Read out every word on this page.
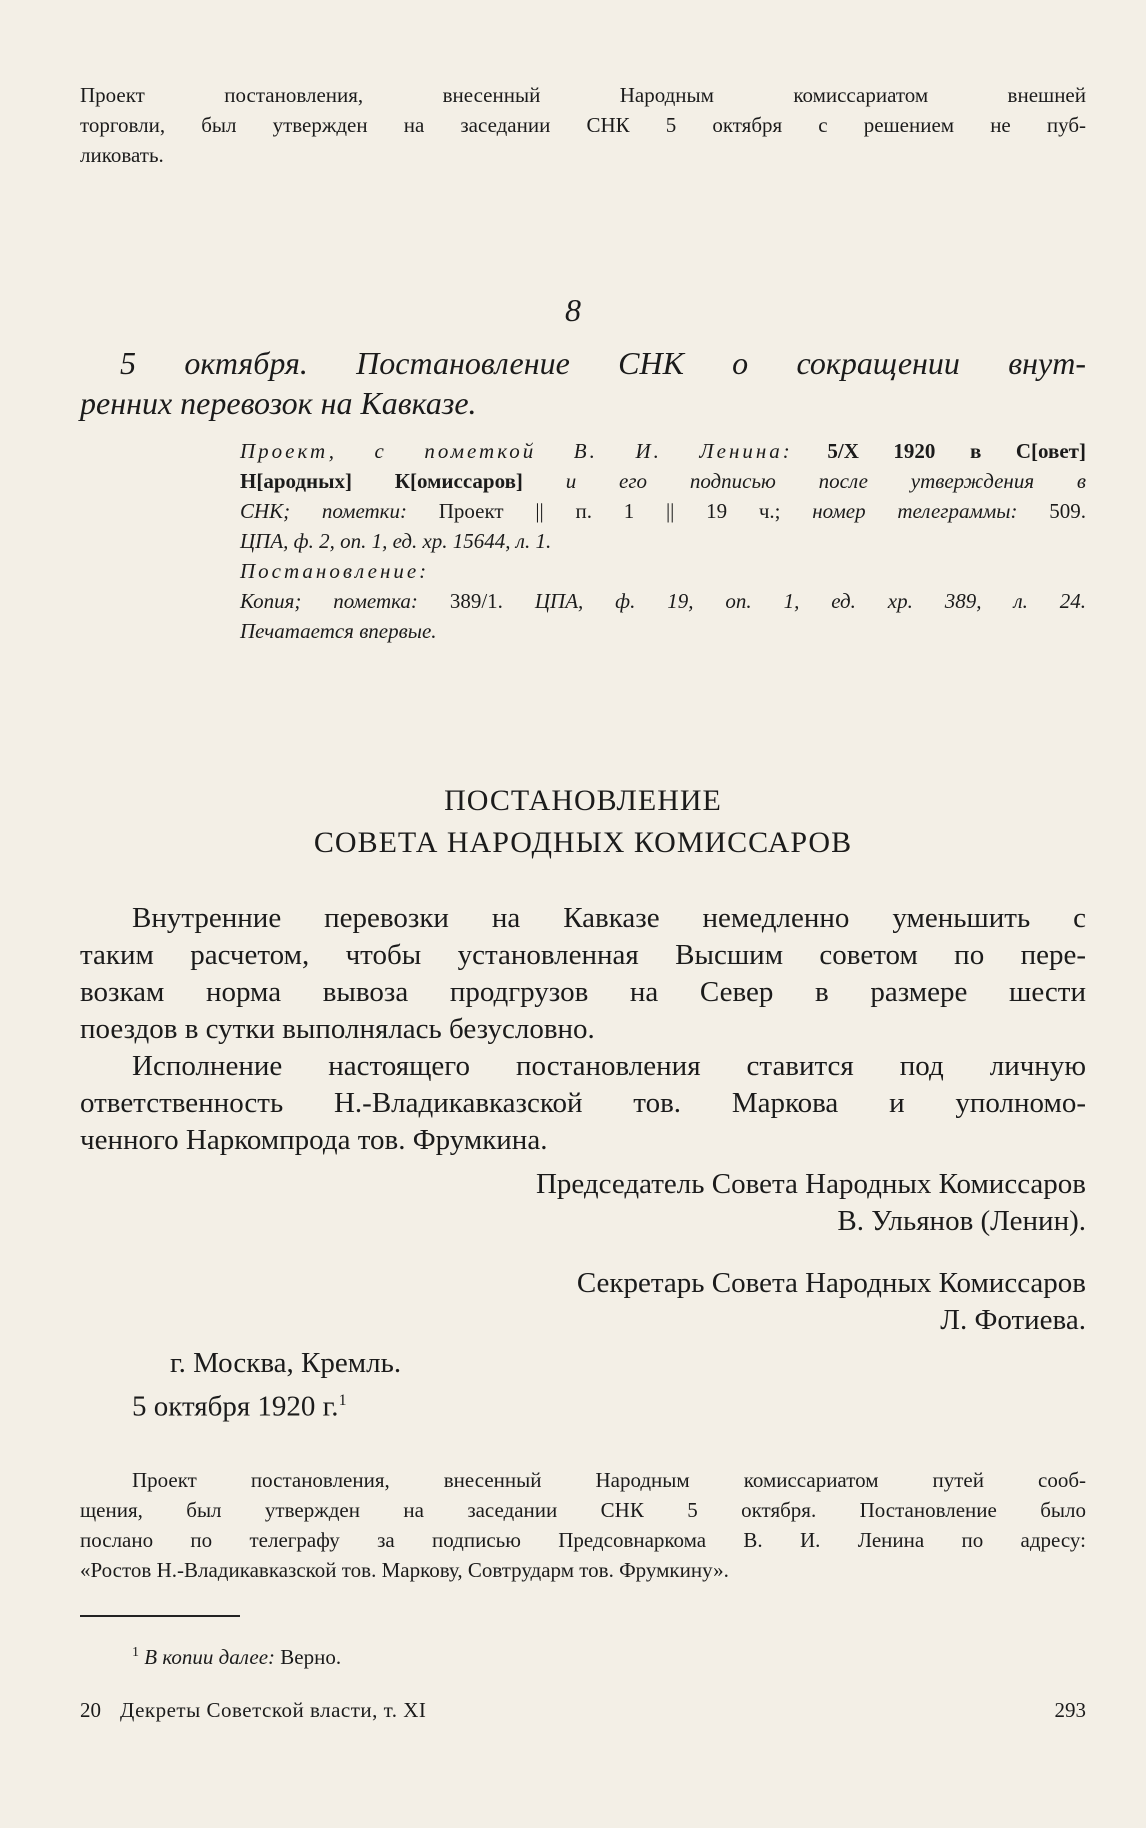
Проект постановления, внесенный Народным комиссариатом внешней

торговли, был утвержден на заседании СНК 5 октября с решением не пуб-

ликовать.

8

5 октября. Постановление СНК о сокращении внут-

ренних перевозок на Кавказе.

Проект, с пометкой В. И. Ленина: 5/X 1920 в С[овет]

Н[ародных] К[омиссаров] и его подписью после утверждения в

СНК; пометки: Проект || п. 1 || 19 ч.; номер телеграммы: 509.

ЦПА, ф. 2, оп. 1, ед. хр. 15644, л. 1.

Постановление:

Копия; пометка: 389/1. ЦПА, ф. 19, оп. 1, ед. хр. 389, л. 24.

Печатается впервые.

ПОСТАНОВЛЕНИЕ

СОВЕТА НАРОДНЫХ КОМИССАРОВ

Внутренние перевозки на Кавказе немедленно уменьшить с

таким расчетом, чтобы установленная Высшим советом по пере-

возкам норма вывоза продгрузов на Север в размере шести

поездов в сутки выполнялась безусловно.

Исполнение настоящего постановления ставится под личную

ответственность Н.-Владикавказской тов. Маркова и уполномо-

ченного Наркомпрода тов. Фрумкина.

Председатель Совета Народных Комиссаров

В. Ульянов (Ленин).

Секретарь Совета Народных Комиссаров

Л. Фотиева.

г. Москва, Кремль.

5 октября 1920 г.$^1$

Проект постановления, внесенный Народным комиссариатом путей сооб-

щения, был утвержден на заседании СНК 5 октября. Постановление было

послано по телеграфу за подписью Предсовнаркома В. И. Ленина по адресу:

«Ростов Н.-Владикавказской тов. Маркову, Совтрударм тов. Фрумкину».

$^1$ В копии далее: Верно.
20 Декреты Советской власти, т. XI	293
